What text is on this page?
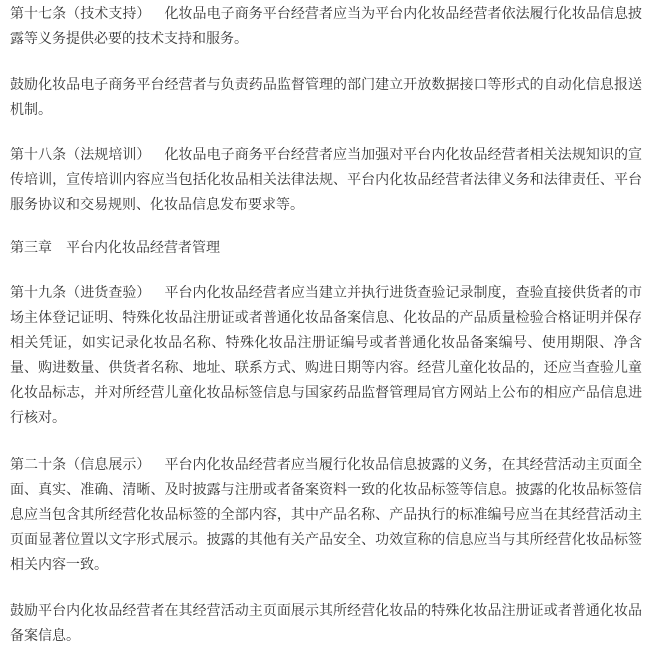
第十七条（技术支持） 化妆品电子商务平台经营者应当为平台内化妆品经营者依法履行化妆品信息披露等义务提供必要的技术支持和服务。

鼓励化妆品电子商务平台经营者与负责药品监督管理的部门建立开放数据接口等形式的自动化信息报送机制。

第十八条（法规培训） 化妆品电子商务平台经营者应当加强对平台内化妆品经营者相关法规知识的宣传培训，宣传培训内容应当包括化妆品相关法律法规、平台内化妆品经营者法律义务和法律责任、平台服务协议和交易规则、化妆品信息发布要求等。

第三章　平台内化妆品经营者管理

第十九条（进货查验） 平台内化妆品经营者应当建立并执行进货查验记录制度，查验直接供货者的市场主体登记证明、特殊化妆品注册证或者普通化妆品备案信息、化妆品的产品质量检验合格证明并保存相关凭证，如实记录化妆品名称、特殊化妆品注册证编号或者普通化妆品备案编号、使用期限、净含量、购进数量、供货者名称、地址、联系方式、购进日期等内容。经营儿童化妆品的，还应当查验儿童化妆品标志，并对所经营儿童化妆品标签信息与国家药品监督管理局官方网站上公布的相应产品信息进行核对。

第二十条（信息展示） 平台内化妆品经营者应当履行化妆品信息披露的义务，在其经营活动主页面全面、真实、准确、清晰、及时披露与注册或者备案资料一致的化妆品标签等信息。披露的化妆品标签信息应当包含其所经营化妆品标签的全部内容，其中产品名称、产品执行的标准编号应当在其经营活动主页面显著位置以文字形式展示。披露的其他有关产品安全、功效宣称的信息应当与其所经营化妆品标签相关内容一致。

鼓励平台内化妆品经营者在其经营活动主页面展示其所经营化妆品的特殊化妆品注册证或者普通化妆品备案信息。
